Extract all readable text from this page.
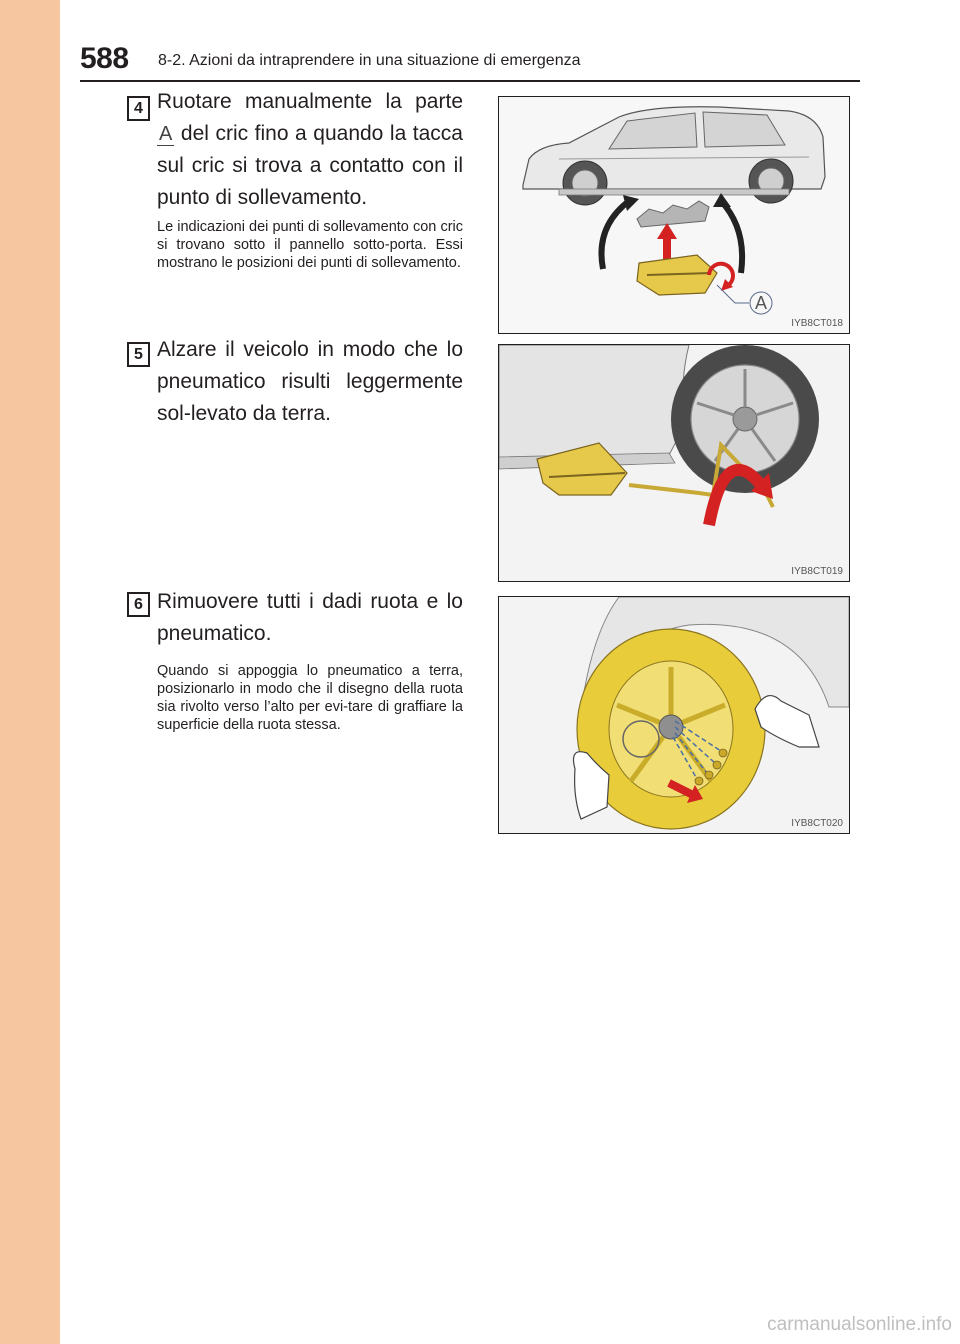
588 8-2. Azioni da intraprendere in una situazione di emergenza
4 Ruotare manualmente la parte A del cric fino a quando la tacca sul cric si trova a contatto con il punto di sollevamento.
Le indicazioni dei punti di sollevamento con cric si trovano sotto il pannello sotto-porta. Essi mostrano le posizioni dei punti di sollevamento.
A
IYB8CT018
5 Alzare il veicolo in modo che lo pneumatico risulti leggermente sol-levato da terra.
IYB8CT019
6 Rimuovere tutti i dadi ruota e lo pneumatico.
Quando si appoggia lo pneumatico a terra, posizionarlo in modo che il disegno della ruota sia rivolto verso l’alto per evi-tare di graffiare la superficie della ruota stessa.
IYB8CT020
carmanualsonline.info
